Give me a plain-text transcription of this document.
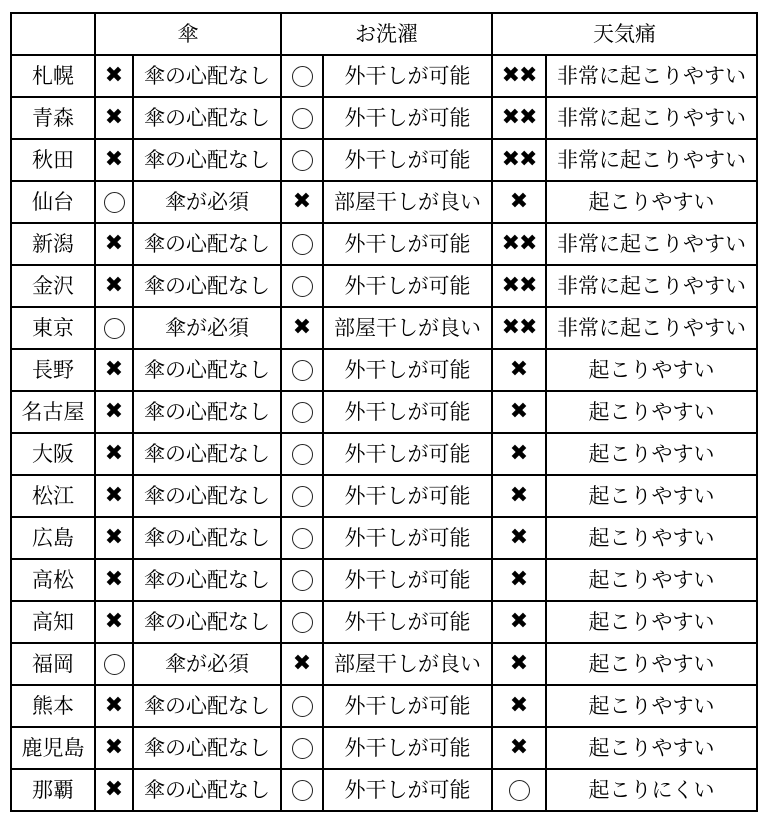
	傘		お洗濯		天気痛	
札幌	✖	傘の心配なし		外干しが可能	✖✖	非常に起こりやすい
青森	✖	傘の心配なし		外干しが可能	✖✖	非常に起こりやすい
秋田	✖	傘の心配なし		外干しが可能	✖✖	非常に起こりやすい
仙台		傘が必須	✖	部屋干しが良い	✖	起こりやすい
新潟	✖	傘の心配なし		外干しが可能	✖✖	非常に起こりやすい
金沢	✖	傘の心配なし		外干しが可能	✖✖	非常に起こりやすい
東京		傘が必須	✖	部屋干しが良い	✖✖	非常に起こりやすい
長野	✖	傘の心配なし		外干しが可能	✖	起こりやすい
名古屋	✖	傘の心配なし		外干しが可能	✖	起こりやすい
大阪	✖	傘の心配なし		外干しが可能	✖	起こりやすい
松江	✖	傘の心配なし		外干しが可能	✖	起こりやすい
広島	✖	傘の心配なし		外干しが可能	✖	起こりやすい
高松	✖	傘の心配なし		外干しが可能	✖	起こりやすい
高知	✖	傘の心配なし		外干しが可能	✖	起こりやすい
福岡		傘が必須	✖	部屋干しが良い	✖	起こりやすい
熊本	✖	傘の心配なし		外干しが可能	✖	起こりやすい
鹿児島	✖	傘の心配なし		外干しが可能	✖	起こりやすい
那覇	✖	傘の心配なし		外干しが可能		起こりにくい
